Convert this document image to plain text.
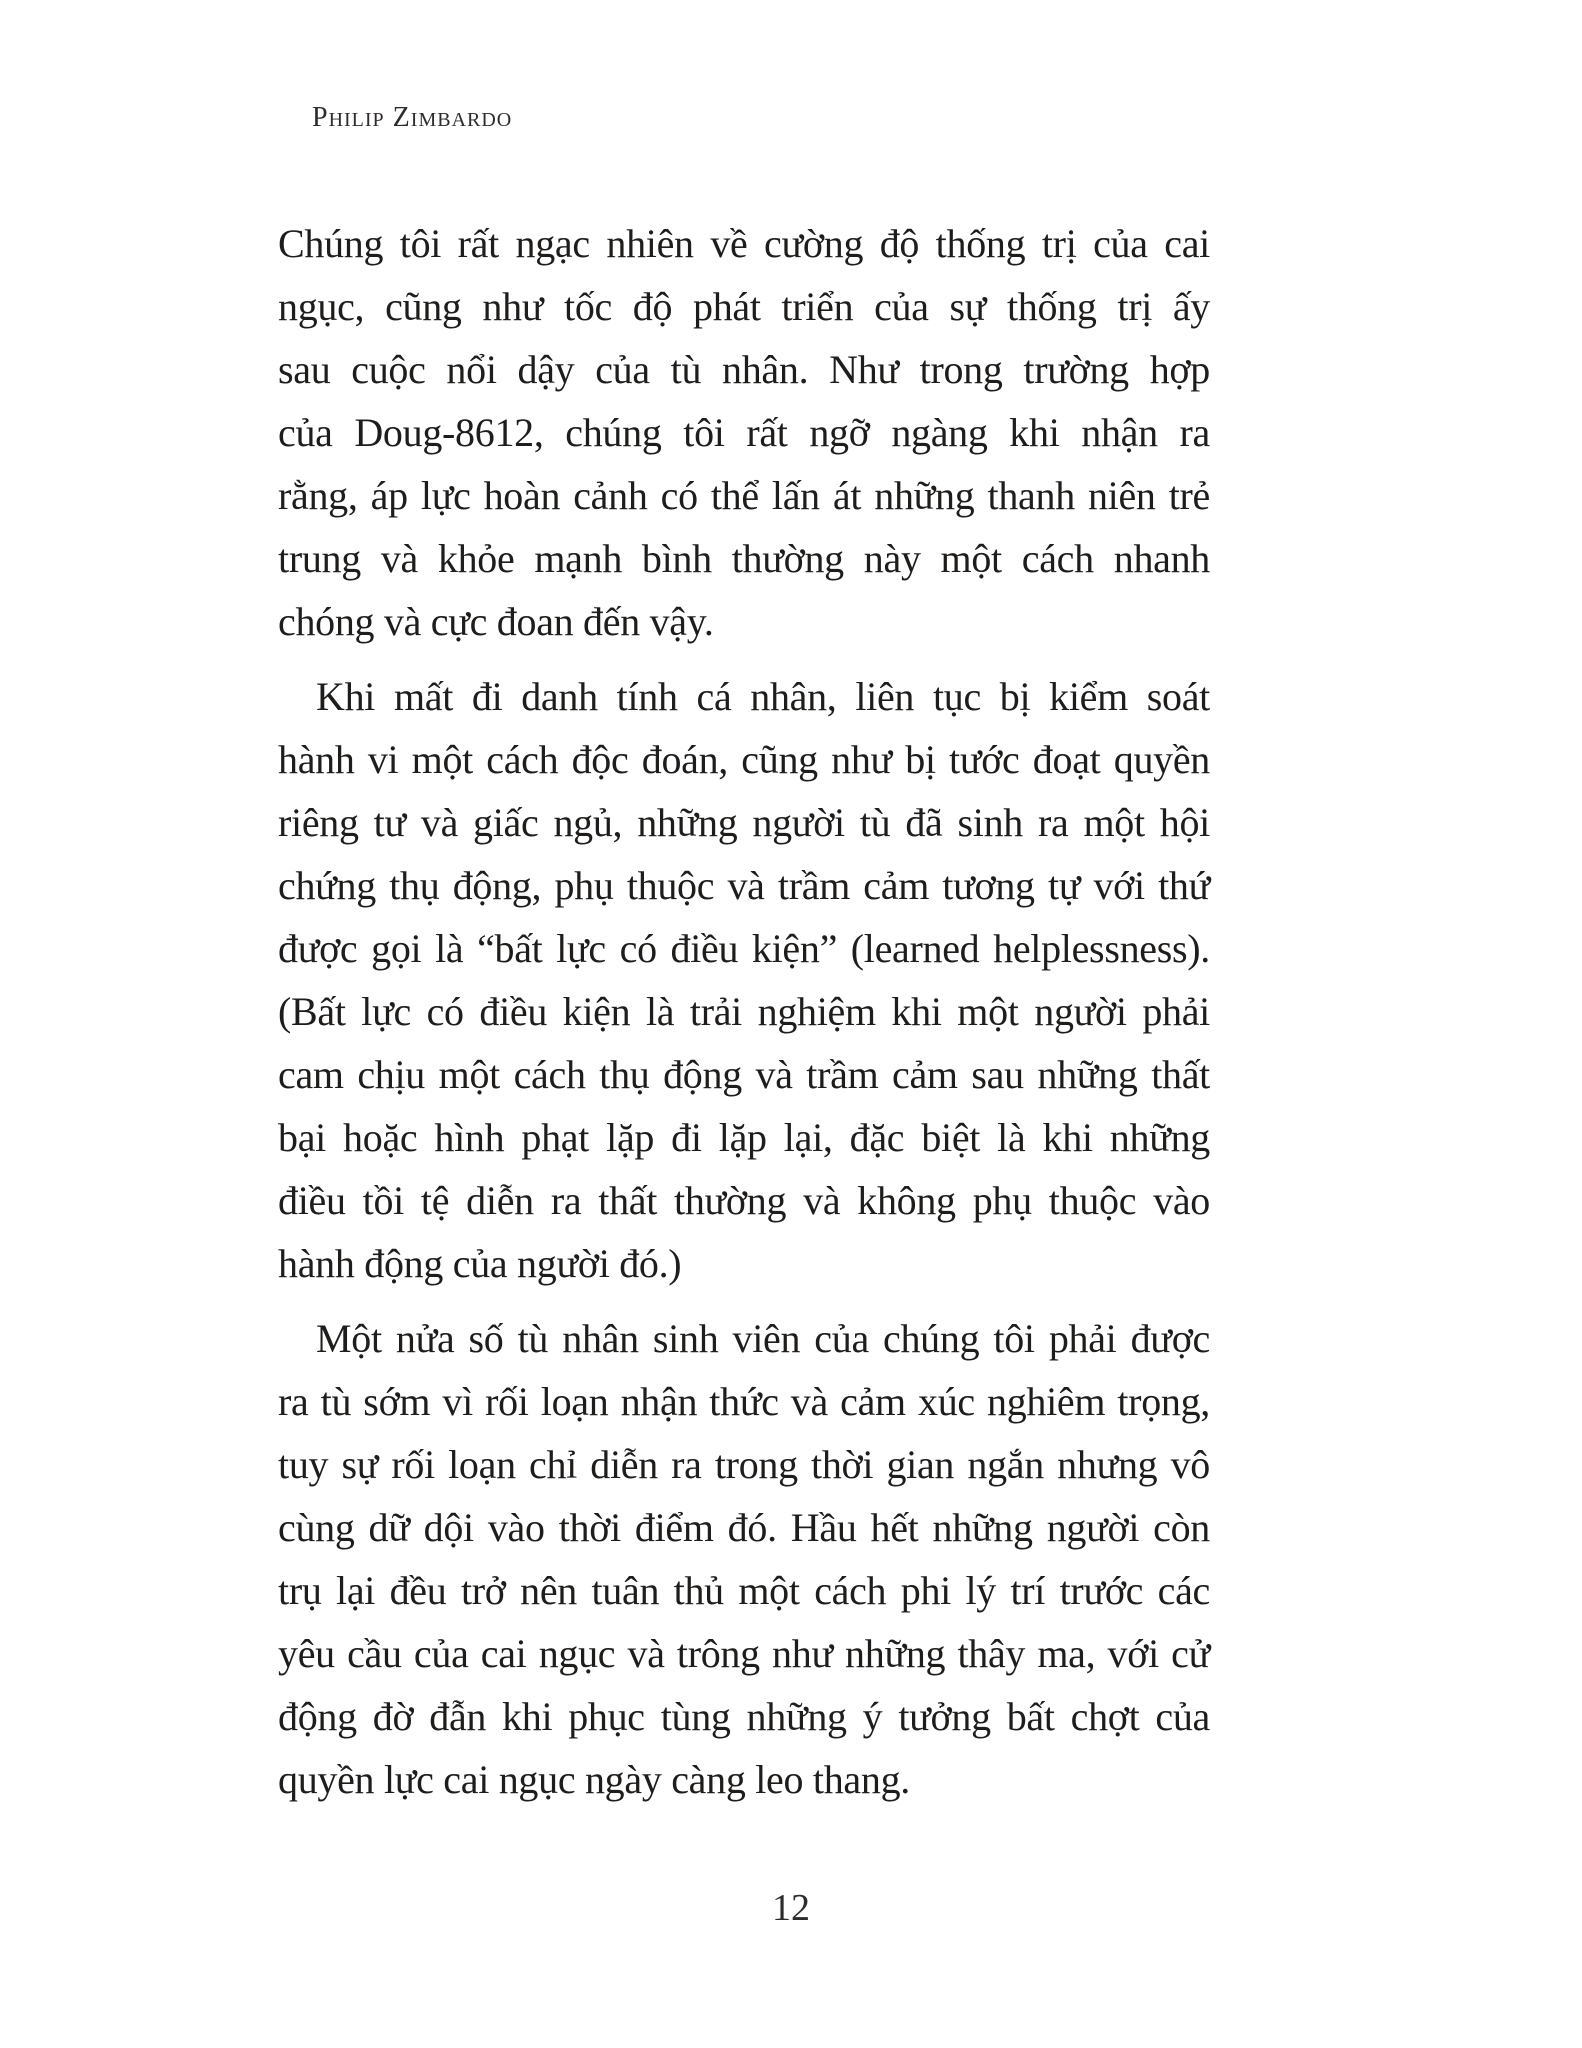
Philip Zimbardo
Chúng tôi rất ngạc nhiên về cường độ thống trị của cai
ngục, cũng như tốc độ phát triển của sự thống trị ấy
sau cuộc nổi dậy của tù nhân. Như trong trường hợp
của Doug-8612, chúng tôi rất ngỡ ngàng khi nhận ra
rằng, áp lực hoàn cảnh có thể lấn át những thanh niên trẻ
trung và khỏe mạnh bình thường này một cách nhanh
chóng và cực đoan đến vậy.
Khi mất đi danh tính cá nhân, liên tục bị kiểm soát
hành vi một cách độc đoán, cũng như bị tước đoạt quyền
riêng tư và giấc ngủ, những người tù đã sinh ra một hội
chứng thụ động, phụ thuộc và trầm cảm tương tự với thứ
được gọi là “bất lực có điều kiện” (learned helplessness).
(Bất lực có điều kiện là trải nghiệm khi một người phải
cam chịu một cách thụ động và trầm cảm sau những thất
bại hoặc hình phạt lặp đi lặp lại, đặc biệt là khi những
điều tồi tệ diễn ra thất thường và không phụ thuộc vào
hành động của người đó.)
Một nửa số tù nhân sinh viên của chúng tôi phải được
ra tù sớm vì rối loạn nhận thức và cảm xúc nghiêm trọng,
tuy sự rối loạn chỉ diễn ra trong thời gian ngắn nhưng vô
cùng dữ dội vào thời điểm đó. Hầu hết những người còn
trụ lại đều trở nên tuân thủ một cách phi lý trí trước các
yêu cầu của cai ngục và trông như những thây ma, với cử
động đờ đẫn khi phục tùng những ý tưởng bất chợt của
quyền lực cai ngục ngày càng leo thang.
12
